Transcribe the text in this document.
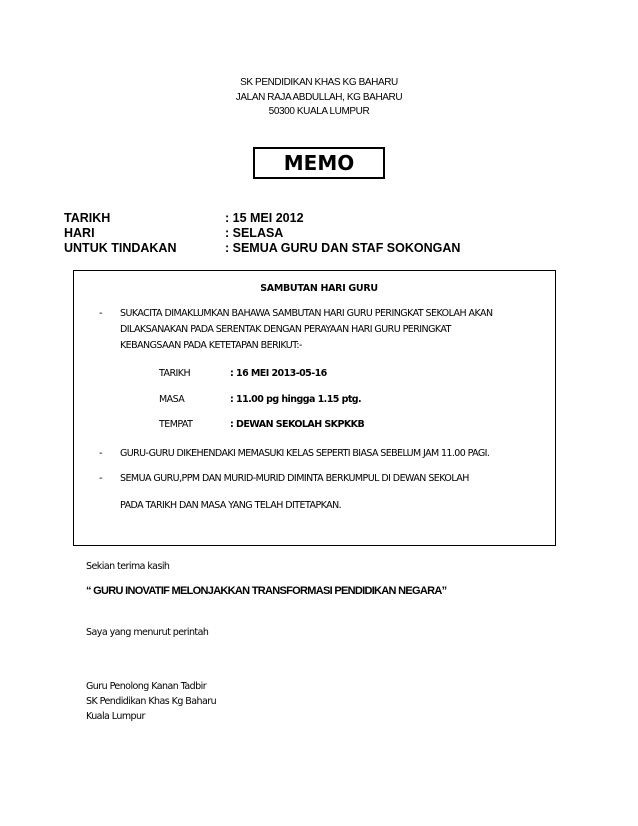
SK PENDIDIKAN KHAS KG BAHARU
JALAN RAJA ABDULLAH, KG BAHARU
50300 KUALA LUMPUR
MEMO
TARIKH	: 15 MEI 2012
HARI	: SELASA
UNTUK TINDAKAN	: SEMUA GURU DAN STAF SOKONGAN
SAMBUTAN HARI GURU
- SUKACITA DIMAKLUMKAN BAHAWA SAMBUTAN HARI GURU PERINGKAT SEKOLAH AKAN
DILAKSANAKAN PADA SERENTAK DENGAN PERAYAAN HARI GURU PERINGKAT
KEBANGSAAN PADA KETETAPAN BERIKUT:-
TARIKH	: 16 MEI 2013-05-16
MASA	: 11.00 pg hingga 1.15 ptg.
TEMPAT	: DEWAN SEKOLAH SKPKKB
- GURU-GURU DIKEHENDAKI MEMASUKI KELAS SEPERTI BIASA SEBELUM JAM 11.00 PAGI.
- SEMUA GURU,PPM DAN MURID-MURID DIMINTA BERKUMPUL DI DEWAN SEKOLAH
PADA TARIKH DAN MASA YANG TELAH DITETAPKAN.
Sekian terima kasih
“ GURU INOVATIF MELONJAKKAN TRANSFORMASI PENDIDIKAN NEGARA”
Saya yang menurut perintah
Guru Penolong Kanan Tadbir
SK Pendidikan Khas Kg Baharu
Kuala Lumpur
